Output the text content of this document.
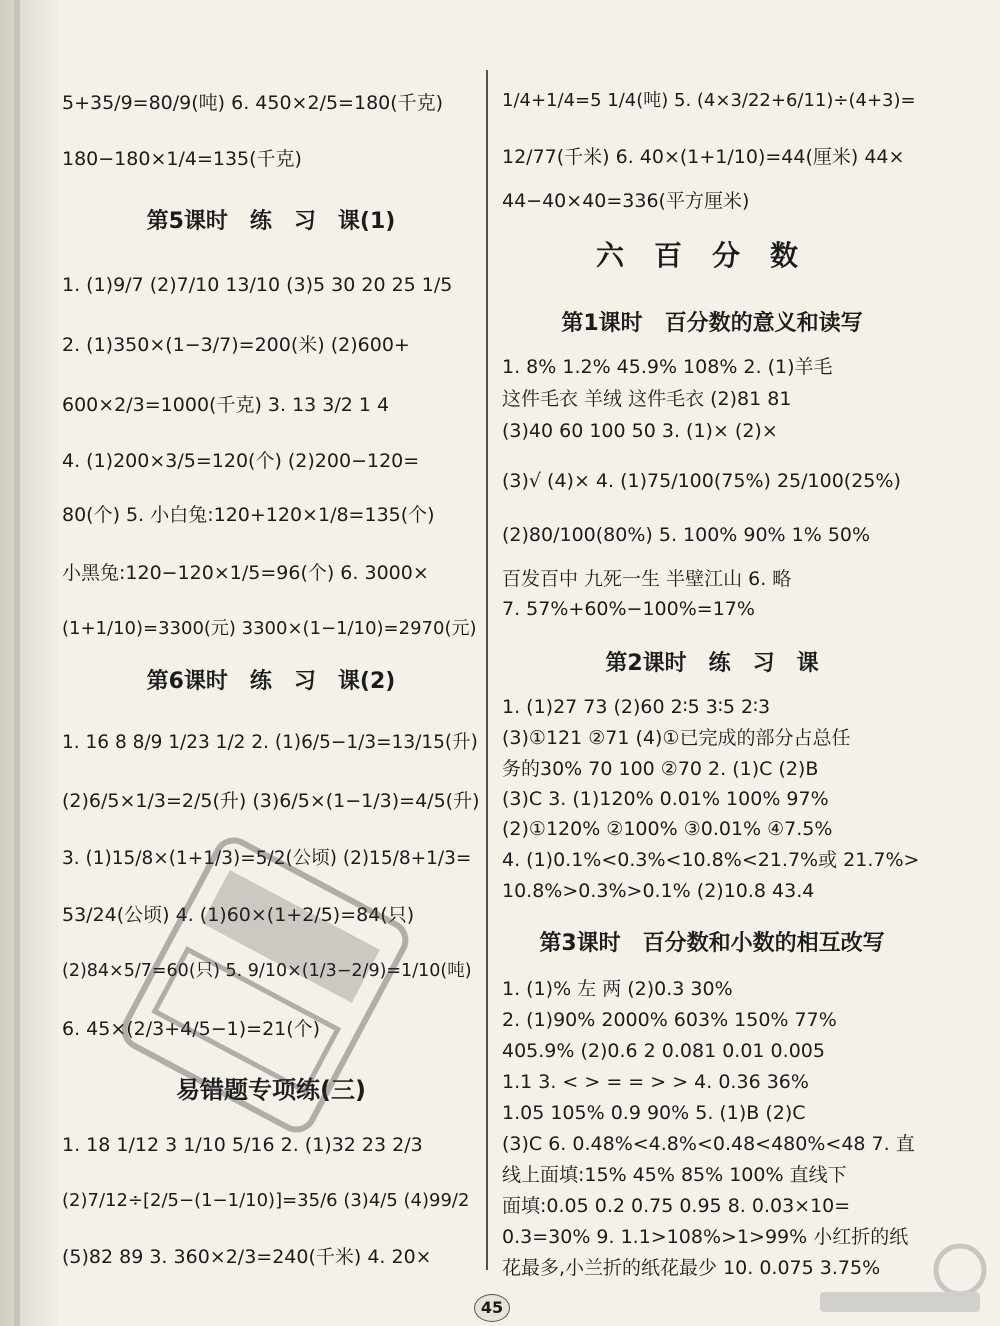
5+35/9=80/9(吨) 6. 450×2/5=180(千克)
180−180×1/4=135(千克)
第5课时　练　习　课(1)
1. (1)9/7 (2)7/10 13/10 (3)5 30 20 25 1/5
2. (1)350×(1−3/7)=200(米) (2)600+
600×2/3=1000(千克) 3. 13 3/2 1 4
4. (1)200×3/5=120(个) (2)200−120=
80(个) 5. 小白兔:120+120×1/8=135(个)
小黑兔:120−120×1/5=96(个) 6. 3000×
(1+1/10)=3300(元) 3300×(1−1/10)=2970(元)
第6课时　练　习　课(2)
1. 16 8 8/9 1/23 1/2 2. (1)6/5−1/3=13/15(升)
(2)6/5×1/3=2/5(升) (3)6/5×(1−1/3)=4/5(升)
3. (1)15/8×(1+1/3)=5/2(公顷) (2)15/8+1/3=
53/24(公顷) 4. (1)60×(1+2/5)=84(只)
(2)84×5/7=60(只) 5. 9/10×(1/3−2/9)=1/10(吨)
6. 45×(2/3+4/5−1)=21(个)
易错题专项练(三)
1. 18 1/12 3 1/10 5/16 2. (1)32 23 2/3
(2)7/12÷[2/5−(1−1/10)]=35/6 (3)4/5 (4)99/2
(5)82 89 3. 360×2/3=240(千米) 4. 20×
1/4+1/4=5 1/4(吨) 5. (4×3/22+6/11)÷(4+3)=
12/77(千米) 6. 40×(1+1/10)=44(厘米) 44×
44−40×40=336(平方厘米)
六百分数
第1课时　百分数的意义和读写
1. 8% 1.2% 45.9% 108% 2. (1)羊毛
这件毛衣 羊绒 这件毛衣 (2)81 81
(3)40 60 100 50 3. (1)× (2)×
(3)√ (4)× 4. (1)75/100(75%) 25/100(25%)
(2)80/100(80%) 5. 100% 90% 1% 50%
百发百中 九死一生 半壁江山 6. 略
7. 57%+60%−100%=17%
第2课时　练　习　课
1. (1)27 73 (2)60 2∶5 3∶5 2∶3
(3)①121 ②71 (4)①已完成的部分占总任
务的30% 70 100 ②70 2. (1)C (2)B
(3)C 3. (1)120% 0.01% 100% 97%
(2)①120% ②100% ③0.01% ④7.5%
4. (1)0.1%<0.3%<10.8%<21.7%或 21.7%>
10.8%>0.3%>0.1% (2)10.8 43.4
第3课时　百分数和小数的相互改写
1. (1)% 左 两 (2)0.3 30%
2. (1)90% 2000% 603% 150% 77%
405.9% (2)0.6 2 0.081 0.01 0.005
1.1 3. < > = = > > 4. 0.36 36%
1.05 105% 0.9 90% 5. (1)B (2)C
(3)C 6. 0.48%<4.8%<0.48<480%<48 7. 直
线上面填:15% 45% 85% 100% 直线下
面填:0.05 0.2 0.75 0.95 8. 0.03×10=
0.3=30% 9. 1.1>108%>1>99% 小红折的纸
花最多,小兰折的纸花最少 10. 0.075 3.75%
45
